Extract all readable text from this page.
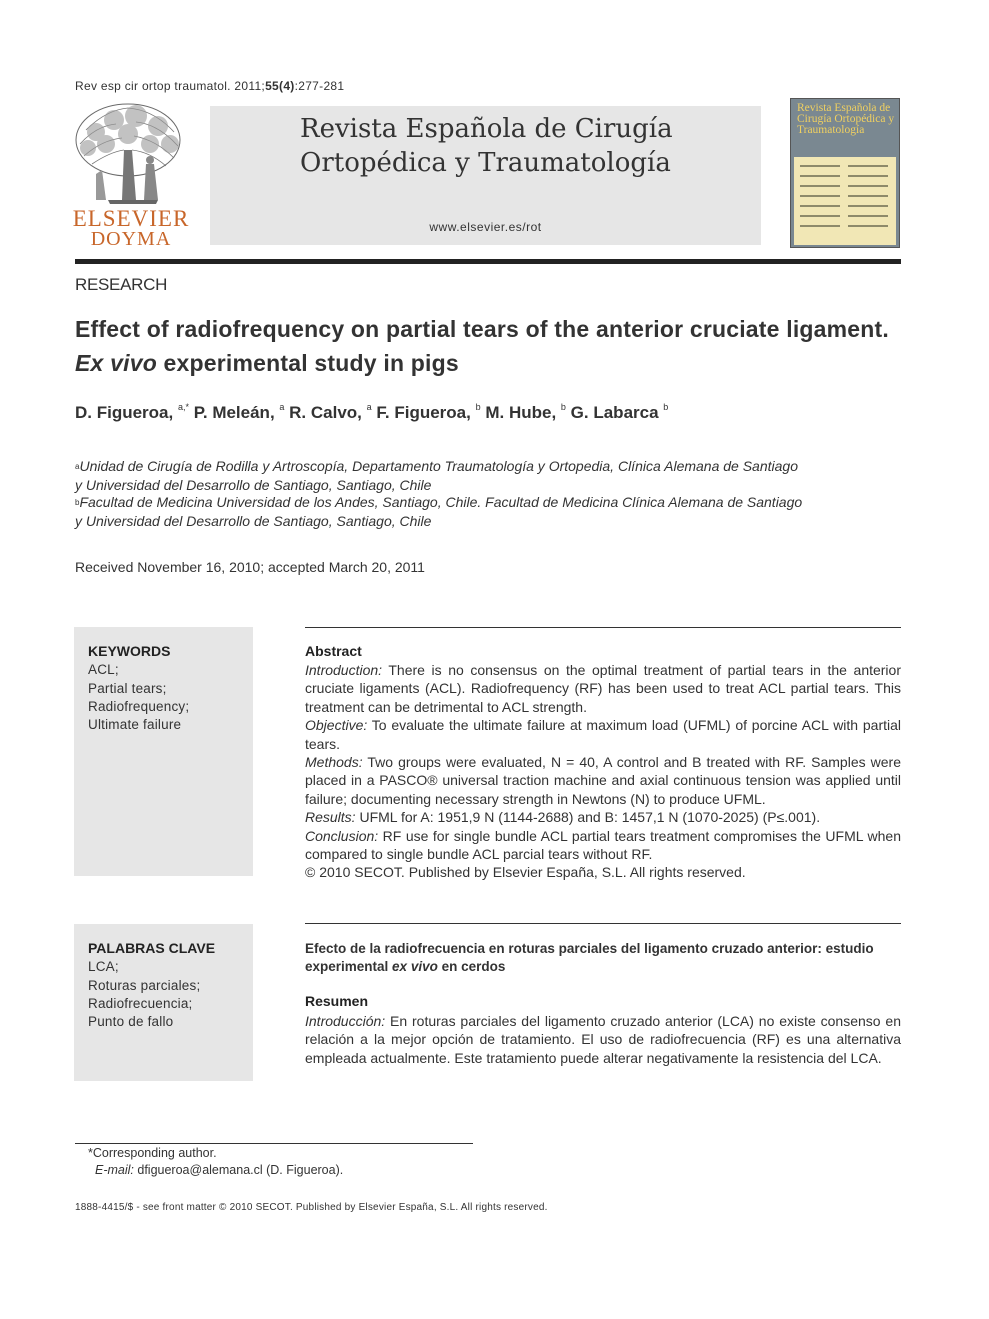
Rev esp cir ortop traumatol. 2011;55(4):277-281
ELSEVIER
DOYMA
Revista Española de Cirugía
Ortopédica y Traumatología
www.elsevier.es/rot
Revista Española de Cirugía Ortopédica y Traumatología
RESEARCH
Effect of radiofrequency on partial tears of the anterior cruciate ligament. Ex vivo experimental study in pigs
D. Figueroa, $^{a,*}$ P. Meleán, $^a$ R. Calvo, $^a$ F. Figueroa, $^b$ M. Hube, $^b$ G. Labarca $^b$
$^a$Unidad de Cirugía de Rodilla y Artroscopía, Departamento Traumatología y Ortopedia, Clínica Alemana de Santiago
y Universidad del Desarrollo de Santiago, Santiago, Chile
$^b$Facultad de Medicina Universidad de los Andes, Santiago, Chile. Facultad de Medicina Clínica Alemana de Santiago
y Universidad del Desarrollo de Santiago, Santiago, Chile
Received November 16, 2010; accepted March 20, 2011
KEYWORDS
ACL;
Partial tears;
Radiofrequency;
Ultimate failure
Abstract
Introduction: There is no consensus on the optimal treatment of partial tears in the anterior cruciate ligaments (ACL). Radiofrequency (RF) has been used to treat ACL partial tears. This treatment can be detrimental to ACL strength.
Objective: To evaluate the ultimate failure at maximum load (UFML) of porcine ACL with partial tears.
Methods: Two groups were evaluated, N = 40, A control and B treated with RF. Samples were placed in a PASCO® universal traction machine and axial continuous tension was applied until failure; documenting necessary strength in Newtons (N) to produce UFML.
Results: UFML for A: 1951,9 N (1144-2688) and B: 1457,1 N (1070-2025) (P≤.001).
Conclusion: RF use for single bundle ACL partial tears treatment compromises the UFML when compared to single bundle ACL parcial tears without RF.
© 2010 SECOT. Published by Elsevier España, S.L. All rights reserved.
PALABRAS CLAVE
LCA;
Roturas parciales;
Radiofrecuencia;
Punto de fallo
Efecto de la radiofrecuencia en roturas parciales del ligamento cruzado anterior: estudio experimental ex vivo en cerdos
Resumen
Introducción: En roturas parciales del ligamento cruzado anterior (LCA) no existe consenso en relación a la mejor opción de tratamiento. El uso de radiofrecuencia (RF) es una alternativa empleada actualmente. Este tratamiento puede alterar negativamente la resistencia del LCA.
*Corresponding author.
E-mail: dfigueroa@alemana.cl (D. Figueroa).
1888-4415/$ - see front matter © 2010 SECOT. Published by Elsevier España, S.L. All rights reserved.
